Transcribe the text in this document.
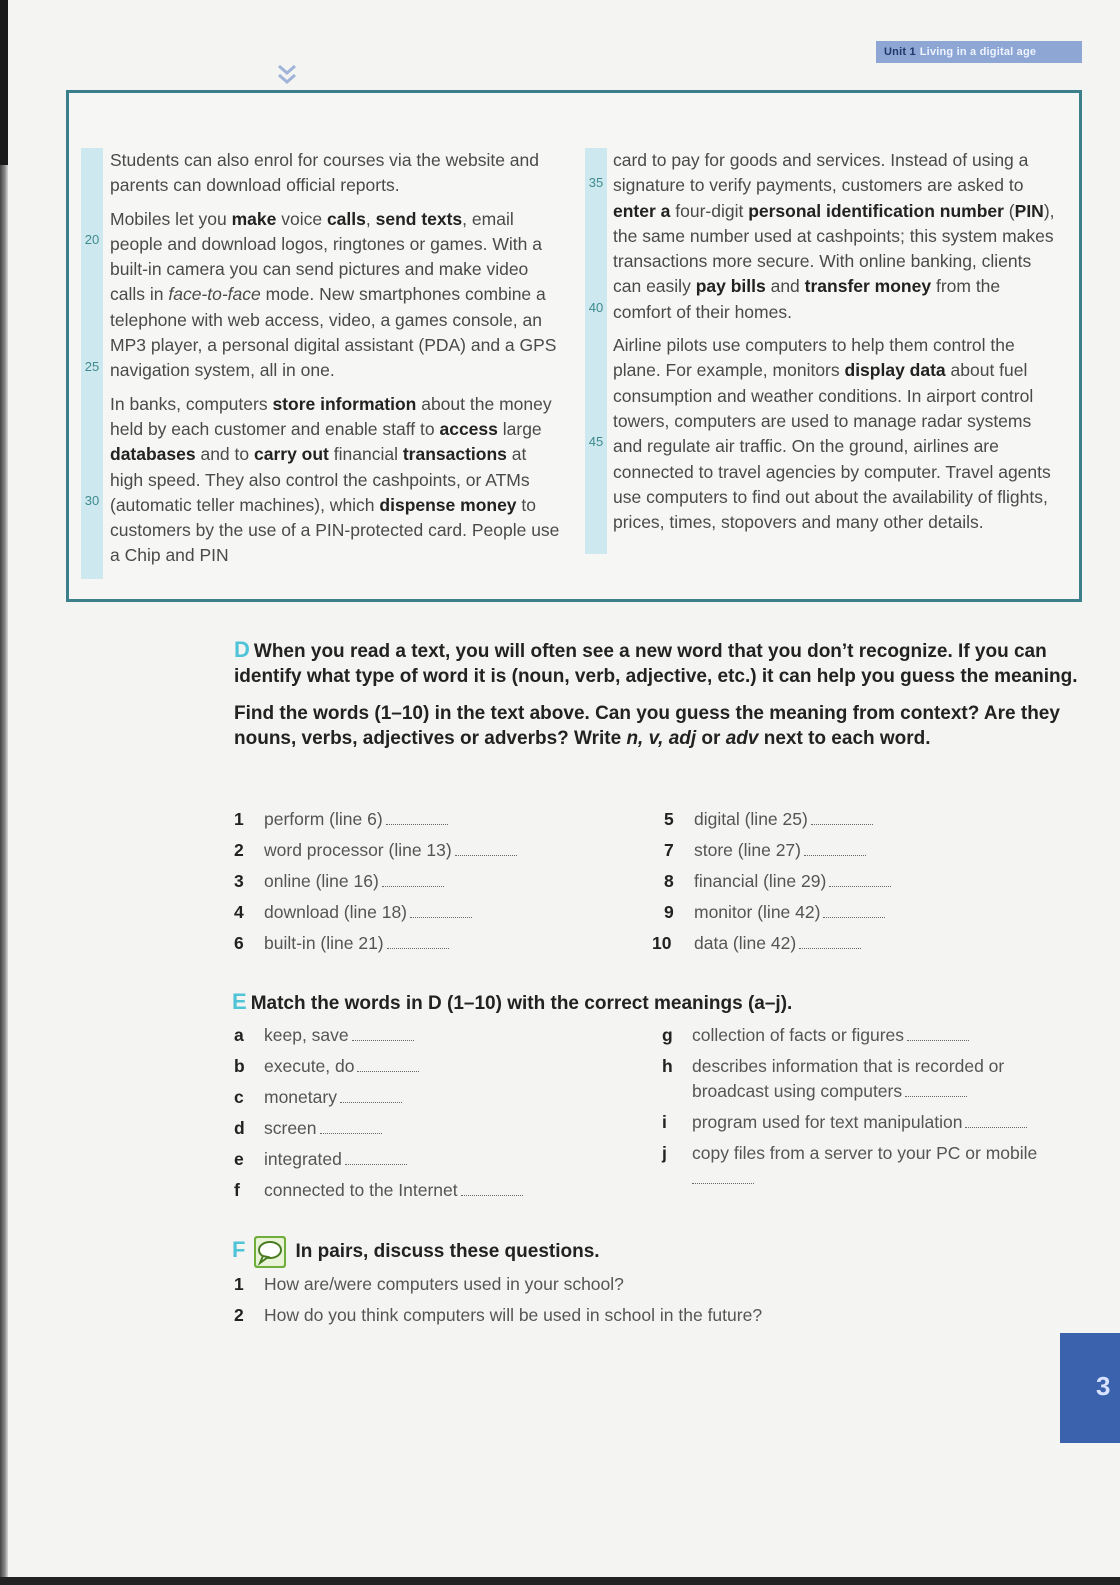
Unit 1 Living in a digital age
20
25
30
35
40
45

Students can also enrol for courses via the website and parents can download official reports.

Mobiles let you make voice calls, send texts, email people and download logos, ringtones or games. With a built-in camera you can send pictures and make video calls in face-to-face mode. New smartphones combine a telephone with web access, video, a games console, an MP3 player, a personal digital assistant (PDA) and a GPS navigation system, all in one.

In banks, computers store information about the money held by each customer and enable staff to access large databases and to carry out financial transactions at high speed. They also control the cashpoints, or ATMs (automatic teller machines), which dispense money to customers by the use of a PIN-protected card. People use a Chip and PIN

card to pay for goods and services. Instead of using a signature to verify payments, customers are asked to enter a four-digit personal identification number (PIN), the same number used at cashpoints; this system makes transactions more secure. With online banking, clients can easily pay bills and transfer money from the comfort of their homes.

Airline pilots use computers to help them control the plane. For example, monitors display data about fuel consumption and weather conditions. In airport control towers, computers are used to manage radar systems and regulate air traffic. On the ground, airlines are connected to travel agencies by computer. Travel agents use computers to find out about the availability of flights, prices, times, stopovers and many other details.

D When you read a text, you will often see a new word that you don’t recognize. If you can identify what type of word it is (noun, verb, adjective, etc.) it can help you guess the meaning.
Find the words (1–10) in the text above. Can you guess the meaning from context? Are they nouns, verbs, adjectives or adverbs? Write n, v, adj or adv next to each word.
1 perform (line 6)
2 word processor (line 13)
3 online (line 16)
4 download (line 18)
6 built-in (line 21)
5 digital (line 25)
7 store (line 27)
8 financial (line 29)
9 monitor (line 42)
10 data (line 42)
E Match the words in D (1–10) with the correct meanings (a–j).
a keep, save
b execute, do
c monetary
d screen
e integrated
f connected to the Internet
g collection of facts or figures
h describes information that is recorded or
broadcast using computers
i program used for text manipulation
j copy files from a server to your PC or mobile
F	In pairs, discuss these questions.
1 How are/were computers used in your school?
2 How do you think computers will be used in school in the future?
3
